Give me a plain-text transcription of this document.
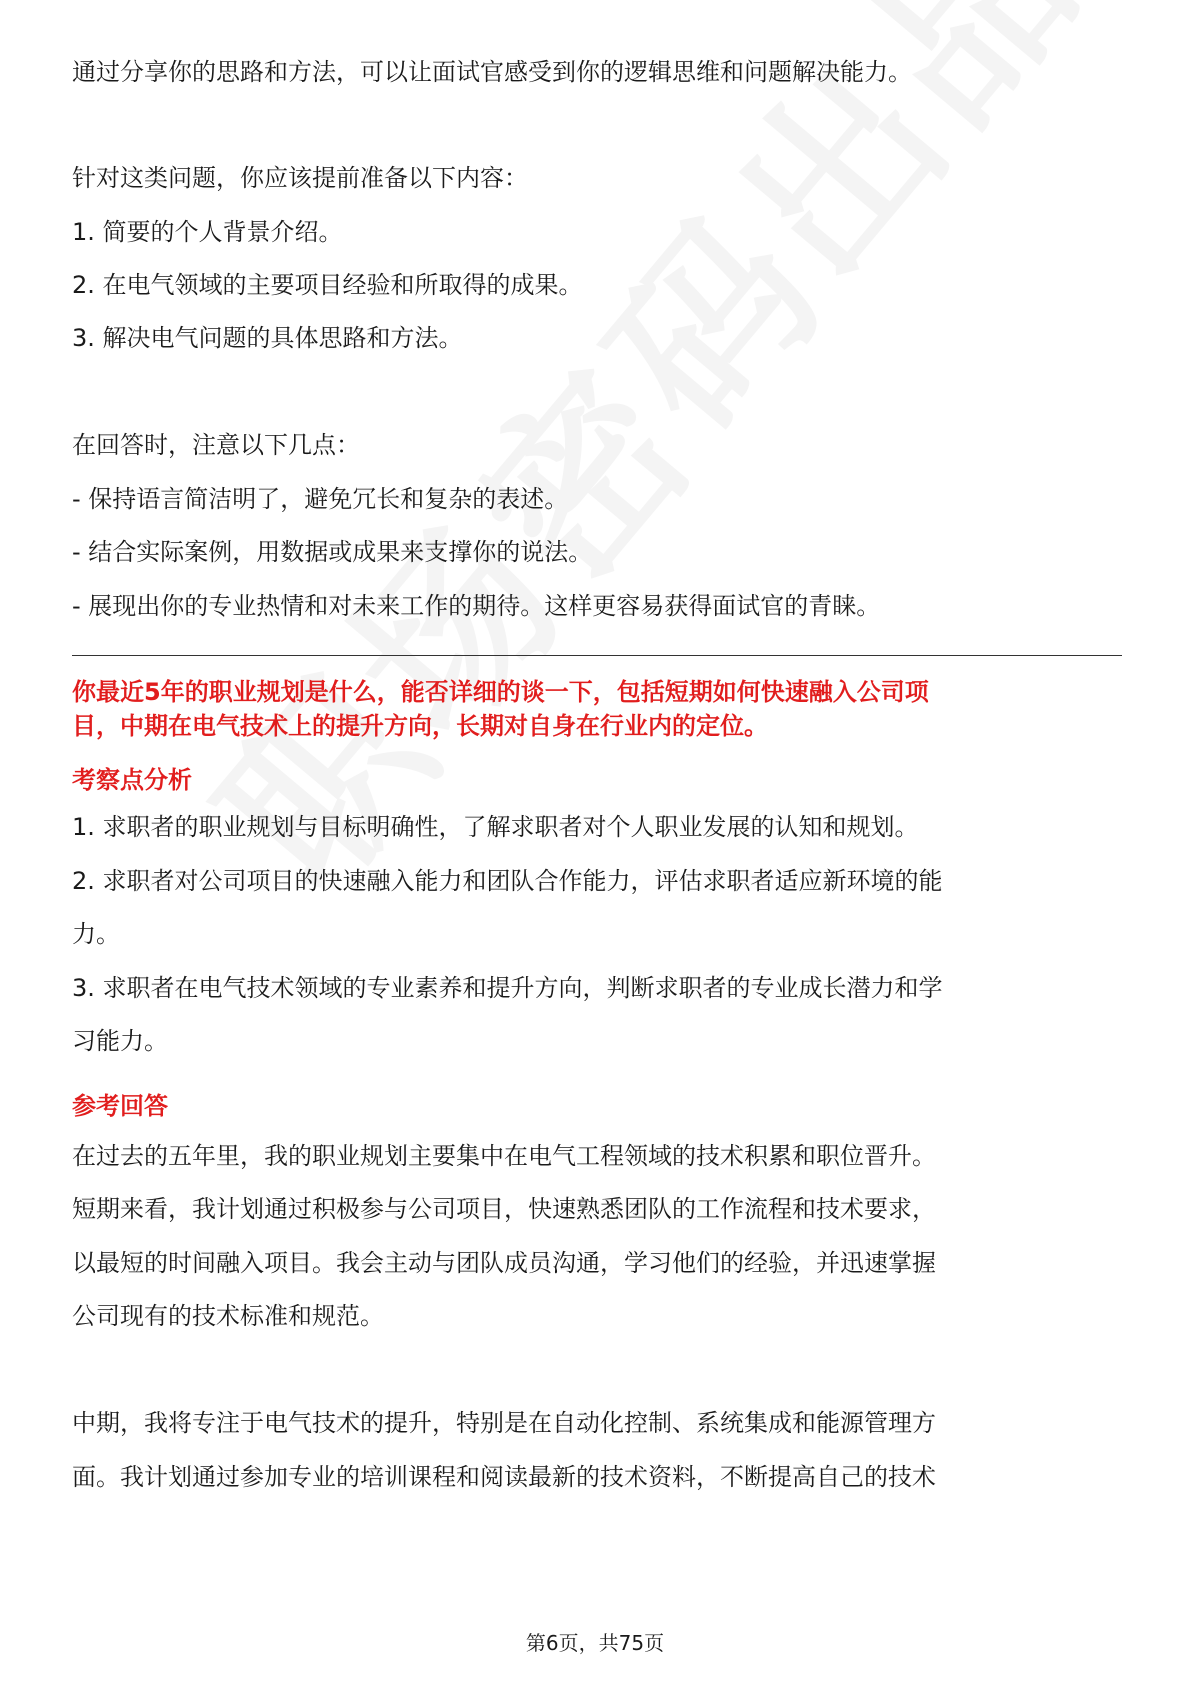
通过分享你的思路和方法，可以让面试官感受到你的逻辑思维和问题解决能力。
针对这类问题，你应该提前准备以下内容：
1. 简要的个人背景介绍。
2. 在电气领域的主要项目经验和所取得的成果。
3. 解决电气问题的具体思路和方法。
在回答时，注意以下几点：
- 保持语言简洁明了，避免冗长和复杂的表述。
- 结合实际案例，用数据或成果来支撑你的说法。
- 展现出你的专业热情和对未来工作的期待。这样更容易获得面试官的青睐。
你最近5年的职业规划是什么，能否详细的谈一下，包括短期如何快速融入公司项
目，中期在电气技术上的提升方向，长期对自身在行业内的定位。
考察点分析
1. 求职者的职业规划与目标明确性，了解求职者对个人职业发展的认知和规划。
2. 求职者对公司项目的快速融入能力和团队合作能力，评估求职者适应新环境的能
力。
3. 求职者在电气技术领域的专业素养和提升方向，判断求职者的专业成长潜力和学
习能力。
参考回答
在过去的五年里，我的职业规划主要集中在电气工程领域的技术积累和职位晋升。
短期来看，我计划通过积极参与公司项目，快速熟悉团队的工作流程和技术要求，
以最短的时间融入项目。我会主动与团队成员沟通，学习他们的经验，并迅速掌握
公司现有的技术标准和规范。
中期，我将专注于电气技术的提升，特别是在自动化控制、系统集成和能源管理方
面。我计划通过参加专业的培训课程和阅读最新的技术资料，不断提高自己的技术
第6页，共75页
